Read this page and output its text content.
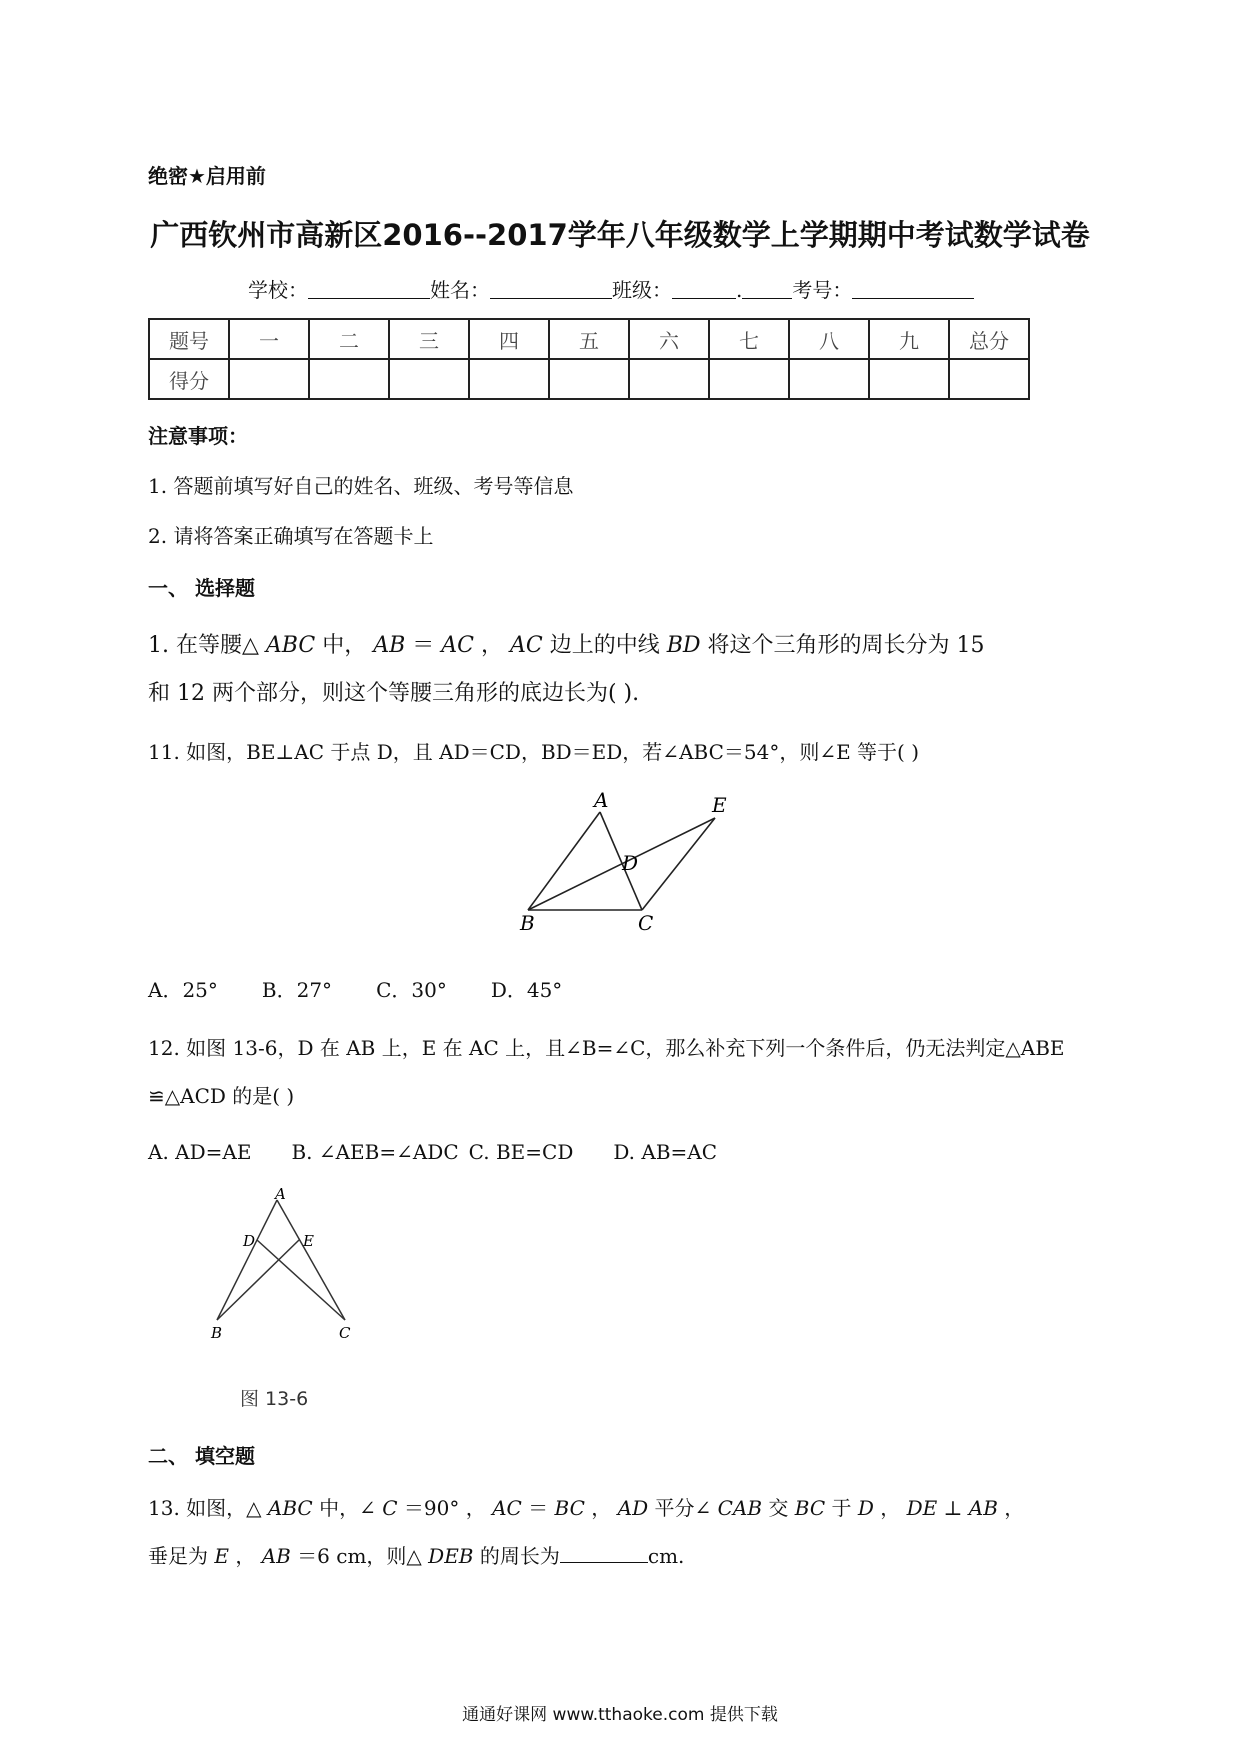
绝密★启用前
广西钦州市高新区2016--2017学年八年级数学上学期期中考试数学试卷
学校：	姓名：	班级：	.	考号：
题号	一	二	三	四	五	六	七	八	九	总分
得分										
注意事项：
1. 答题前填写好自己的姓名、班级、考号等信息
2. 请将答案正确填写在答题卡上
一、 选择题
1. 在等腰△ ABC 中， AB ＝ AC ， AC 边上的中线 BD 将这个三角形的周长分为 15
和 12 两个部分，则这个等腰三角形的底边长为( ).
11. 如图，BE⊥AC 于点 D，且 AD＝CD，BD＝ED，若∠ABC＝54°，则∠E 等于( )
A	E
D
B	C
A．25° B．27° C．30° D．45°
12. 如图 13-6，D 在 AB 上，E 在 AC 上，且∠B=∠C，那么补充下列一个条件后，仍无法判定△ABE
≌△ACD 的是( )
A. AD=AE B. ∠AEB=∠ADC C. BE=CD D. AB=AC
A
D	E
B	C
图 13-6
二、 填空题
13. 如图，△ ABC 中，∠ C ＝90° ， AC ＝ BC ， AD 平分∠ CAB 交 BC 于 D ， DE ⊥ AB ，
垂足为 E ， AB ＝6 cm，则△ DEB 的周长为	cm.
通通好课网 www.tthaoke.com 提供下载
